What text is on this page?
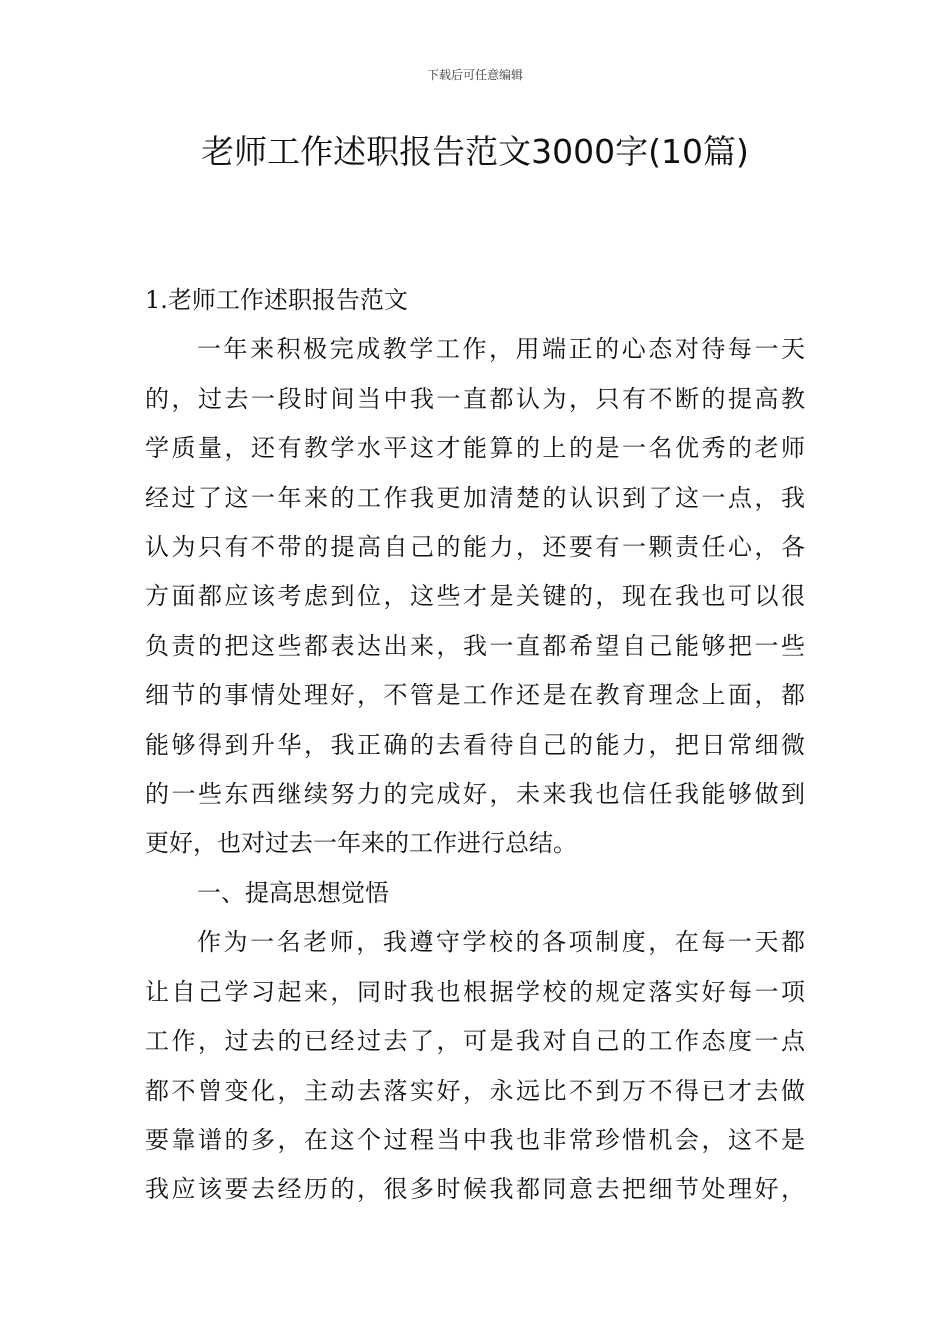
下载后可任意编辑
老师工作述职报告范文3000字(10篇)
1.老师工作述职报告范文

一年来积极完成教学工作，用端正的心态对待每一天

的，过去一段时间当中我一直都认为，只有不断的提高教

学质量，还有教学水平这才能算的上的是一名优秀的老师

经过了这一年来的工作我更加清楚的认识到了这一点，我

认为只有不带的提高自己的能力，还要有一颗责任心，各

方面都应该考虑到位，这些才是关键的，现在我也可以很

负责的把这些都表达出来，我一直都希望自己能够把一些

细节的事情处理好，不管是工作还是在教育理念上面，都

能够得到升华，我正确的去看待自己的能力，把日常细微

的一些东西继续努力的完成好，未来我也信任我能够做到

更好，也对过去一年来的工作进行总结。

一、提高思想觉悟

作为一名老师，我遵守学校的各项制度，在每一天都

让自己学习起来，同时我也根据学校的规定落实好每一项

工作，过去的已经过去了，可是我对自己的工作态度一点

都不曾变化，主动去落实好，永远比不到万不得已才去做

要靠谱的多，在这个过程当中我也非常珍惜机会，这不是

我应该要去经历的，很多时候我都同意去把细节处理好，
